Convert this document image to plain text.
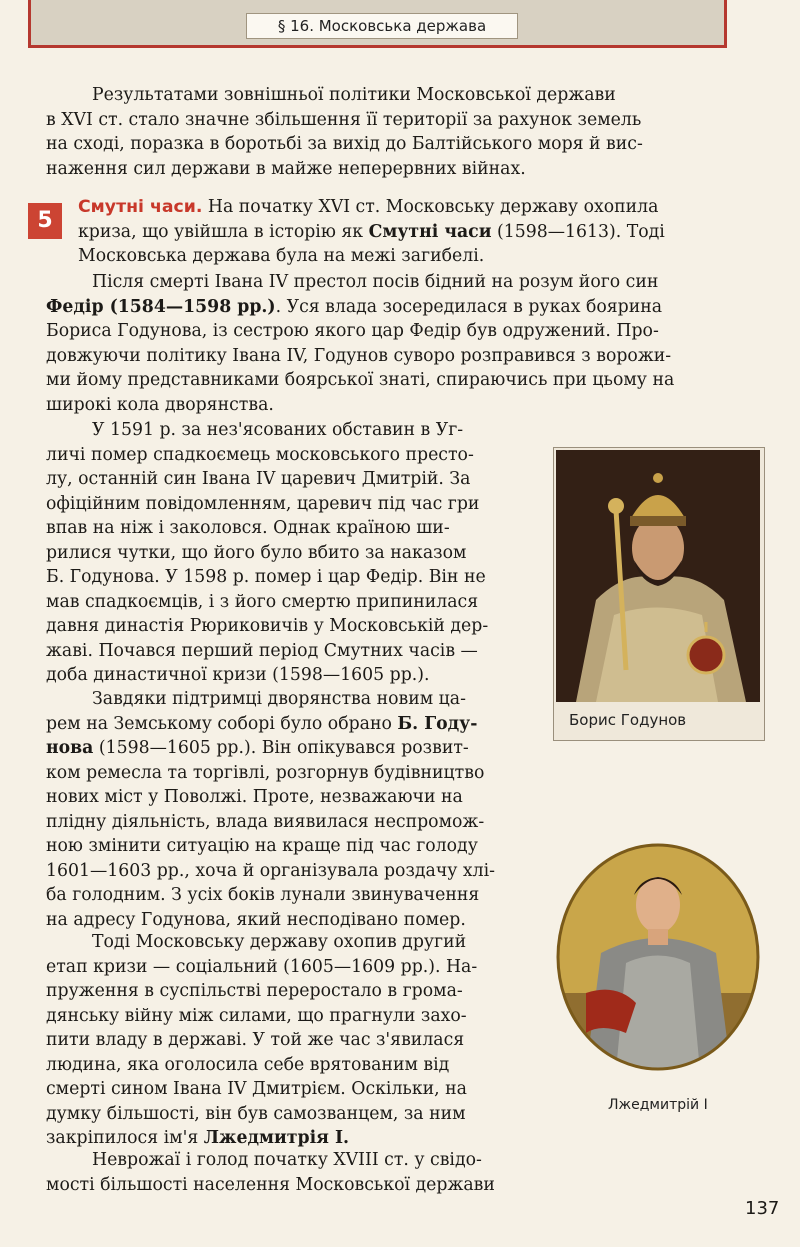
§ 16. Московська держава
Результатами зовнішньої політики Московської держави
в XVI ст. стало значне збільшення її території за рахунок земель
на сході, поразка в боротьбі за вихід до Балтійського моря й вис-
наження сил держави в майже неперервних війнах.
5
Смутні часи. На початку XVI ст. Московську державу охопила
криза, що увійшла в історію як Смутні часи (1598—1613). Тоді
Московська держава була на межі загибелі.
Після смерті Івана IV престол посів бідний на розум його син
Федір (1584—1598 рр.). Уся влада зосередилася в руках боярина
Бориса Годунова, із сестрою якого цар Федір був одружений. Про-
довжуючи політику Івана IV, Годунов суворо розправився з ворожи-
ми йому представниками боярської знаті, спираючись при цьому на
широкі кола дворянства.
У 1591 р. за нез'ясованих обставин в Уг-
личі помер спадкоємець московського престо-
лу, останній син Івана IV царевич Дмитрій. За
офіційним повідомленням, царевич під час гри
впав на ніж і заколовся. Однак країною ши-
рилися чутки, що його було вбито за наказом
Б. Годунова. У 1598 р. помер і цар Федір. Він не
мав спадкоємців, і з його смертю припинилася
давня династія Рюриковичів у Московській дер-
жаві. Почався перший період Смутних часів —
доба династичної кризи (1598—1605 рр.).
Завдяки підтримці дворянства новим ца-
рем на Земському соборі було обрано Б. Году-
нова (1598—1605 рр.). Він опікувався розвит-
ком ремесла та торгівлі, розгорнув будівництво
нових міст у Поволжі. Проте, незважаючи на
плідну діяльність, влада виявилася неспромож-
ною змінити ситуацію на краще під час голоду
1601—1603 рр., хоча й організувала роздачу хлі-
ба голодним. З усіх боків лунали звинувачення
на адресу Годунова, який несподівано помер.
Тоді Московську державу охопив другий
етап кризи — соціальний (1605—1609 рр.). На-
пруження в суспільстві переростало в грома-
дянську війну між силами, що прагнули захо-
пити владу в державі. У той же час з'явилася
людина, яка оголосила себе врятованим від
смерті сином Івана IV Дмитрієм. Оскільки, на
думку більшості, він був самозванцем, за ним
закріпилося ім'я Лжедмитрія І.
Неврожаї і голод початку XVIII ст. у свідо-
мості більшості населення Московської держави
Борис Годунов
Лжедмитрій І
137
